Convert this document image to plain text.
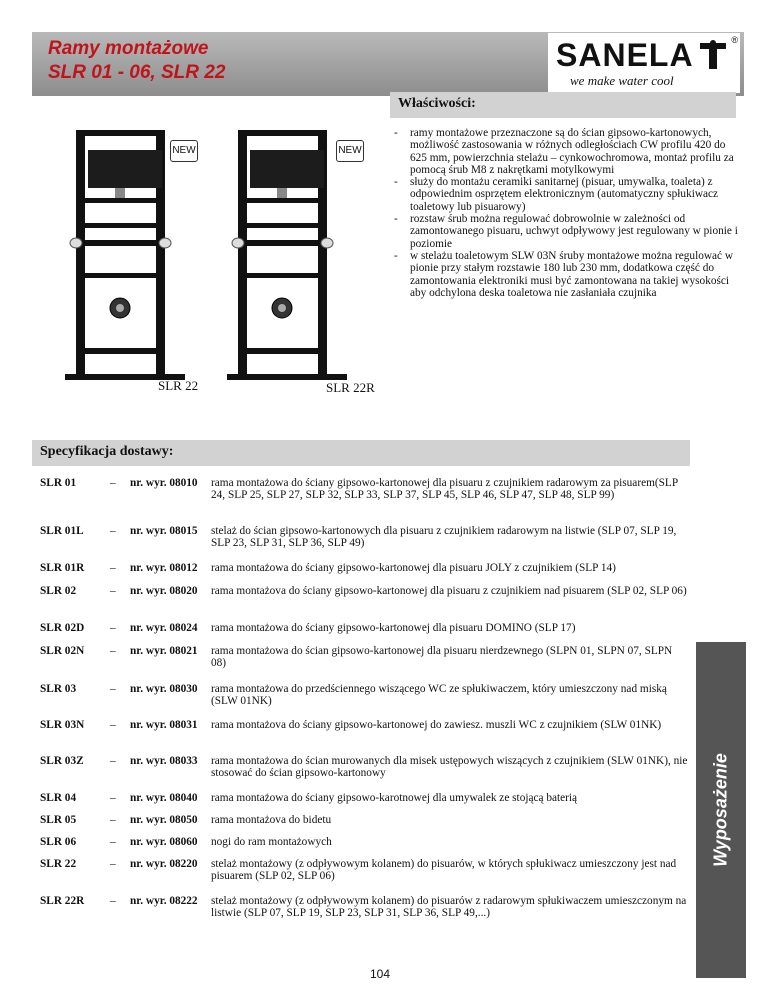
Ramy montażowe
SLR 01 - 06, SLR 22	SANELA
we make water cool
®
Właściwości:
NEW
SLR 22
NEW
SLR 22R
- ramy montażowe przeznaczone są do ścian gipsowo-kartonowych, możliwość zastosowania w różnych odległościach CW profilu 420 do 625 mm, powierzchnia stelażu – cynkowochromowa, montaż profilu za pomocą śrub M8 z nakrętkami motylkowymi
- służy do montażu ceramiki sanitarnej (pisuar, umywalka, toaleta) z odpowiednim osprzętem elektronicznym (automatyczny spłukiwacz toaletowy lub pisuarowy)
- rozstaw śrub można regulować dobrowolnie w zależności od zamontowanego pisuaru, uchwyt odpływowy jest regulowany w pionie i poziomie
- w stelażu toaletowym SLW 03N śruby montażowe można regulować w pionie przy stałym rozstawie 180 lub 230 mm, dodatkowa część do zamontowania elektroniki musi być zamontowana na takiej wysokości aby odchylona deska toaletowa nie zasłaniała czujnika
Specyfikacja dostawy:
SLR 01	– nr. wyr. 08010 rama montażowa do ściany gipsowo-kartonowej dla pisuaru z czujnikiem radarowym za pisuarem(SLP 24, SLP 25, SLP 27, SLP 32, SLP 33, SLP 37, SLP 45, SLP 46, SLP 47, SLP 48, SLP 99)
SLR 01L – nr. wyr. 08015 stelaż do ścian gipsowo-kartonowych dla pisuaru z czujnikiem radarowym na listwie (SLP 07, SLP 19, SLP 23, SLP 31, SLP 36, SLP 49)
SLR 01R – nr. wyr. 08012 rama montażowa do ściany gipsowo-kartonowej dla pisuaru JOLY z czujnikiem (SLP 14)
SLR 02	– nr. wyr. 08020 rama montażova do ściany gipsowo-kartonowej dla pisuaru z czujnikiem nad pisuarem (SLP 02, SLP 06)
SLR 02D – nr. wyr. 08024 rama montażowa do ściany gipsowo-kartonowej dla pisuaru DOMINO (SLP 17)
SLR 02N – nr. wyr. 08021 rama montażowa do ścian gipsowo-kartonowej dla pisuaru nierdzewnego (SLPN 01, SLPN 07, SLPN 08)
SLR 03	– nr. wyr. 08030 rama montażowa do przedściennego wiszącego WC ze spłukiwaczem, który umieszczony nad miską (SLW 01NK)
SLR 03N – nr. wyr. 08031 rama montażova do ściany gipsowo-kartonowej do zawiesz. muszli WC z czujnikiem (SLW 01NK)
SLR 03Z – nr. wyr. 08033 rama montażowa do ścian murowanych dla misek ustępowych wiszących z czujnikiem (SLW 01NK), nie stosować do ścian gipsowo-kartonowy
SLR 04	– nr. wyr. 08040 rama montażowa do ściany gipsowo-karotnowej dla umywalek ze stojącą baterią
SLR 05	– nr. wyr. 08050 rama montażova do bidetu
SLR 06	– nr. wyr. 08060 nogi do ram montażowych
SLR 22	– nr. wyr. 08220 stelaż montażowy (z odpływowym kolanem) do pisuarów, w których spłukiwacz umieszczony jest nad pisuarem (SLP 02, SLP 06)
SLR 22R – nr. wyr. 08222 stelaż montażowy (z odpływowym kolanem) do pisuarów z radarowym spłukiwaczem umieszczonym na listwie (SLP 07, SLP 19, SLP 23, SLP 31, SLP 36, SLP 49,...)
Wyposażenie
104
